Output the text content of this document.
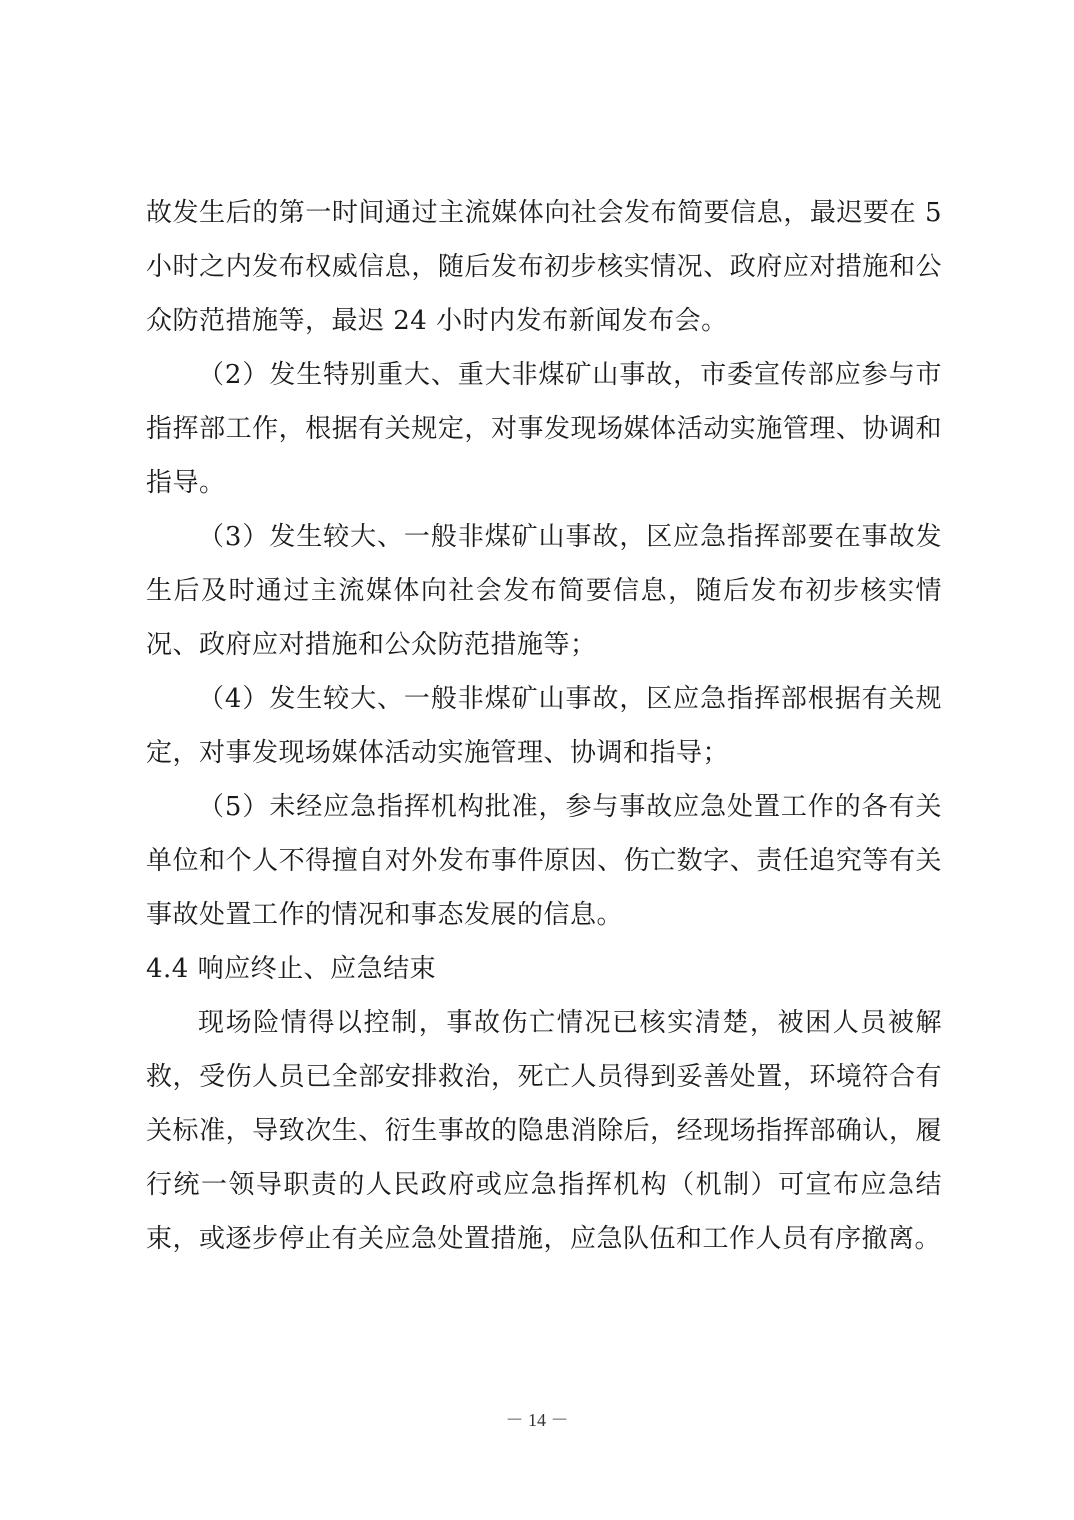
故发生后的第一时间通过主流媒体向社会发布简要信息，最迟要在 5 小时之内发布权威信息，随后发布初步核实情况、政府应对措施和公众防范措施等，最迟 24 小时内发布新闻发布会。

（2）发生特别重大、重大非煤矿山事故，市委宣传部应参与市指挥部工作，根据有关规定，对事发现场媒体活动实施管理、协调和指导。

（3）发生较大、一般非煤矿山事故，区应急指挥部要在事故发生后及时通过主流媒体向社会发布简要信息，随后发布初步核实情况、政府应对措施和公众防范措施等；

（4）发生较大、一般非煤矿山事故，区应急指挥部根据有关规定，对事发现场媒体活动实施管理、协调和指导；

（5）未经应急指挥机构批准，参与事故应急处置工作的各有关单位和个人不得擅自对外发布事件原因、伤亡数字、责任追究等有关事故处置工作的情况和事态发展的信息。

4.4 响应终止、应急结束

现场险情得以控制，事故伤亡情况已核实清楚，被困人员被解救，受伤人员已全部安排救治，死亡人员得到妥善处置，环境符合有关标准，导致次生、衍生事故的隐患消除后，经现场指挥部确认，履行统一领导职责的人民政府或应急指挥机构（机制）可宣布应急结束，或逐步停止有关应急处置措施，应急队伍和工作人员有序撤离。

－ 14 －
